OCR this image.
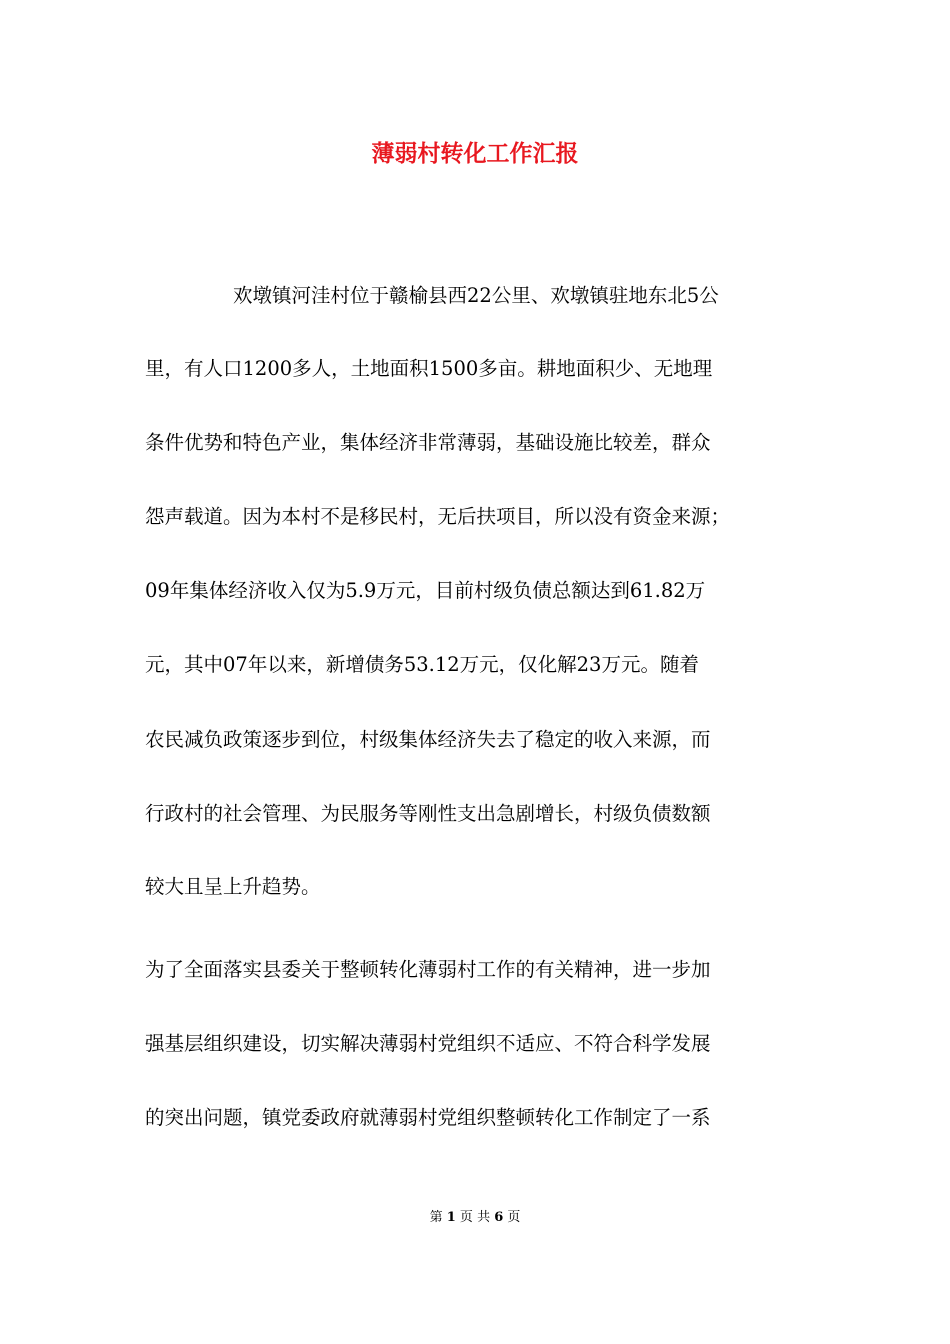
薄弱村转化工作汇报

欢墩镇河洼村位于赣榆县西22公里、欢墩镇驻地东北5公

里，有人口1200多人，土地面积1500多亩。耕地面积少、无地理

条件优势和特色产业，集体经济非常薄弱，基础设施比较差，群众

怨声载道。因为本村不是移民村，无后扶项目，所以没有资金来源；

09年集体经济收入仅为5.9万元，目前村级负债总额达到61.82万

元，其中07年以来，新增债务53.12万元，仅化解23万元。随着

农民减负政策逐步到位，村级集体经济失去了稳定的收入来源，而

行政村的社会管理、为民服务等刚性支出急剧增长，村级负债数额

较大且呈上升趋势。

为了全面落实县委关于整顿转化薄弱村工作的有关精神，进一步加

强基层组织建设，切实解决薄弱村党组织不适应、不符合科学发展

的突出问题，镇党委政府就薄弱村党组织整顿转化工作制定了一系

第 1 页 共 6 页
